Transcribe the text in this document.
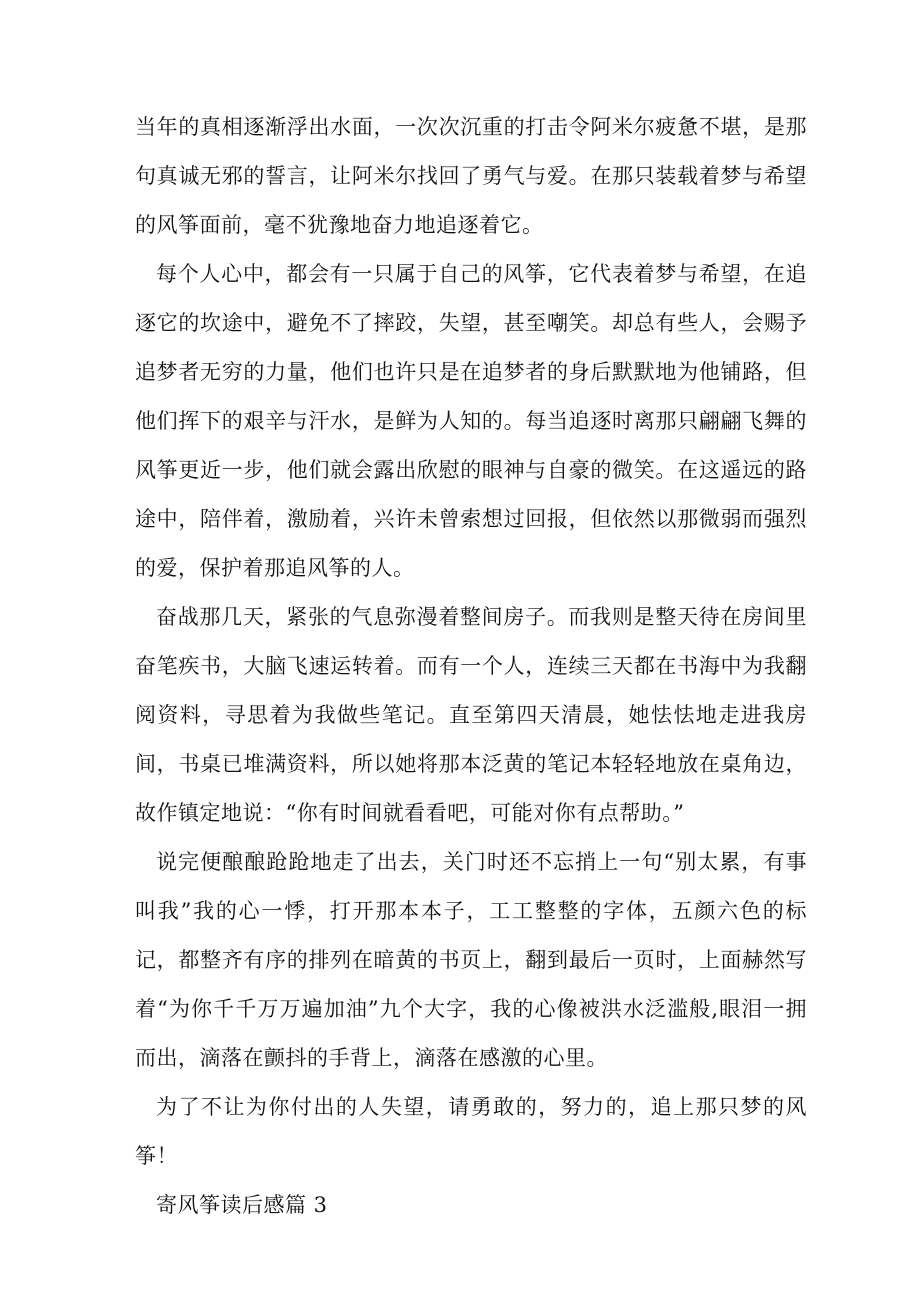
当年的真相逐渐浮出水面，一次次沉重的打击令阿米尔疲惫不堪，是那句真诚无邪的誓言，让阿米尔找回了勇气与爱。在那只装载着梦与希望的风筝面前，毫不犹豫地奋力地追逐着它。

每个人心中，都会有一只属于自己的风筝，它代表着梦与希望，在追逐它的坎途中，避免不了摔跤，失望，甚至嘲笑。却总有些人，会赐予追梦者无穷的力量，他们也许只是在追梦者的身后默默地为他铺路，但他们挥下的艰辛与汗水，是鲜为人知的。每当追逐时离那只翩翩飞舞的风筝更近一步，他们就会露出欣慰的眼神与自豪的微笑。在这遥远的路途中，陪伴着，激励着，兴许未曾索想过回报，但依然以那微弱而强烈的爱，保护着那追风筝的人。

奋战那几天，紧张的气息弥漫着整间房子。而我则是整天待在房间里奋笔疾书，大脑飞速运转着。而有一个人，连续三天都在书海中为我翻阅资料，寻思着为我做些笔记。直至第四天清晨，她怯怯地走进我房间，书桌已堆满资料，所以她将那本泛黄的笔记本轻轻地放在桌角边，故作镇定地说：“你有时间就看看吧，可能对你有点帮助。”

说完便酿酿跄跄地走了出去，关门时还不忘捎上一句“别太累，有事叫我”我的心一悸，打开那本本子，工工整整的字体，五颜六色的标记，都整齐有序的排列在暗黄的书页上，翻到最后一页时，上面赫然写着“为你千千万万遍加油”九个大字，我的心像被洪水泛滥般,眼泪一拥而出，滴落在颤抖的手背上，滴落在感激的心里。

为了不让为你付出的人失望，请勇敢的，努力的，追上那只梦的风筝！

寄风筝读后感篇 3
